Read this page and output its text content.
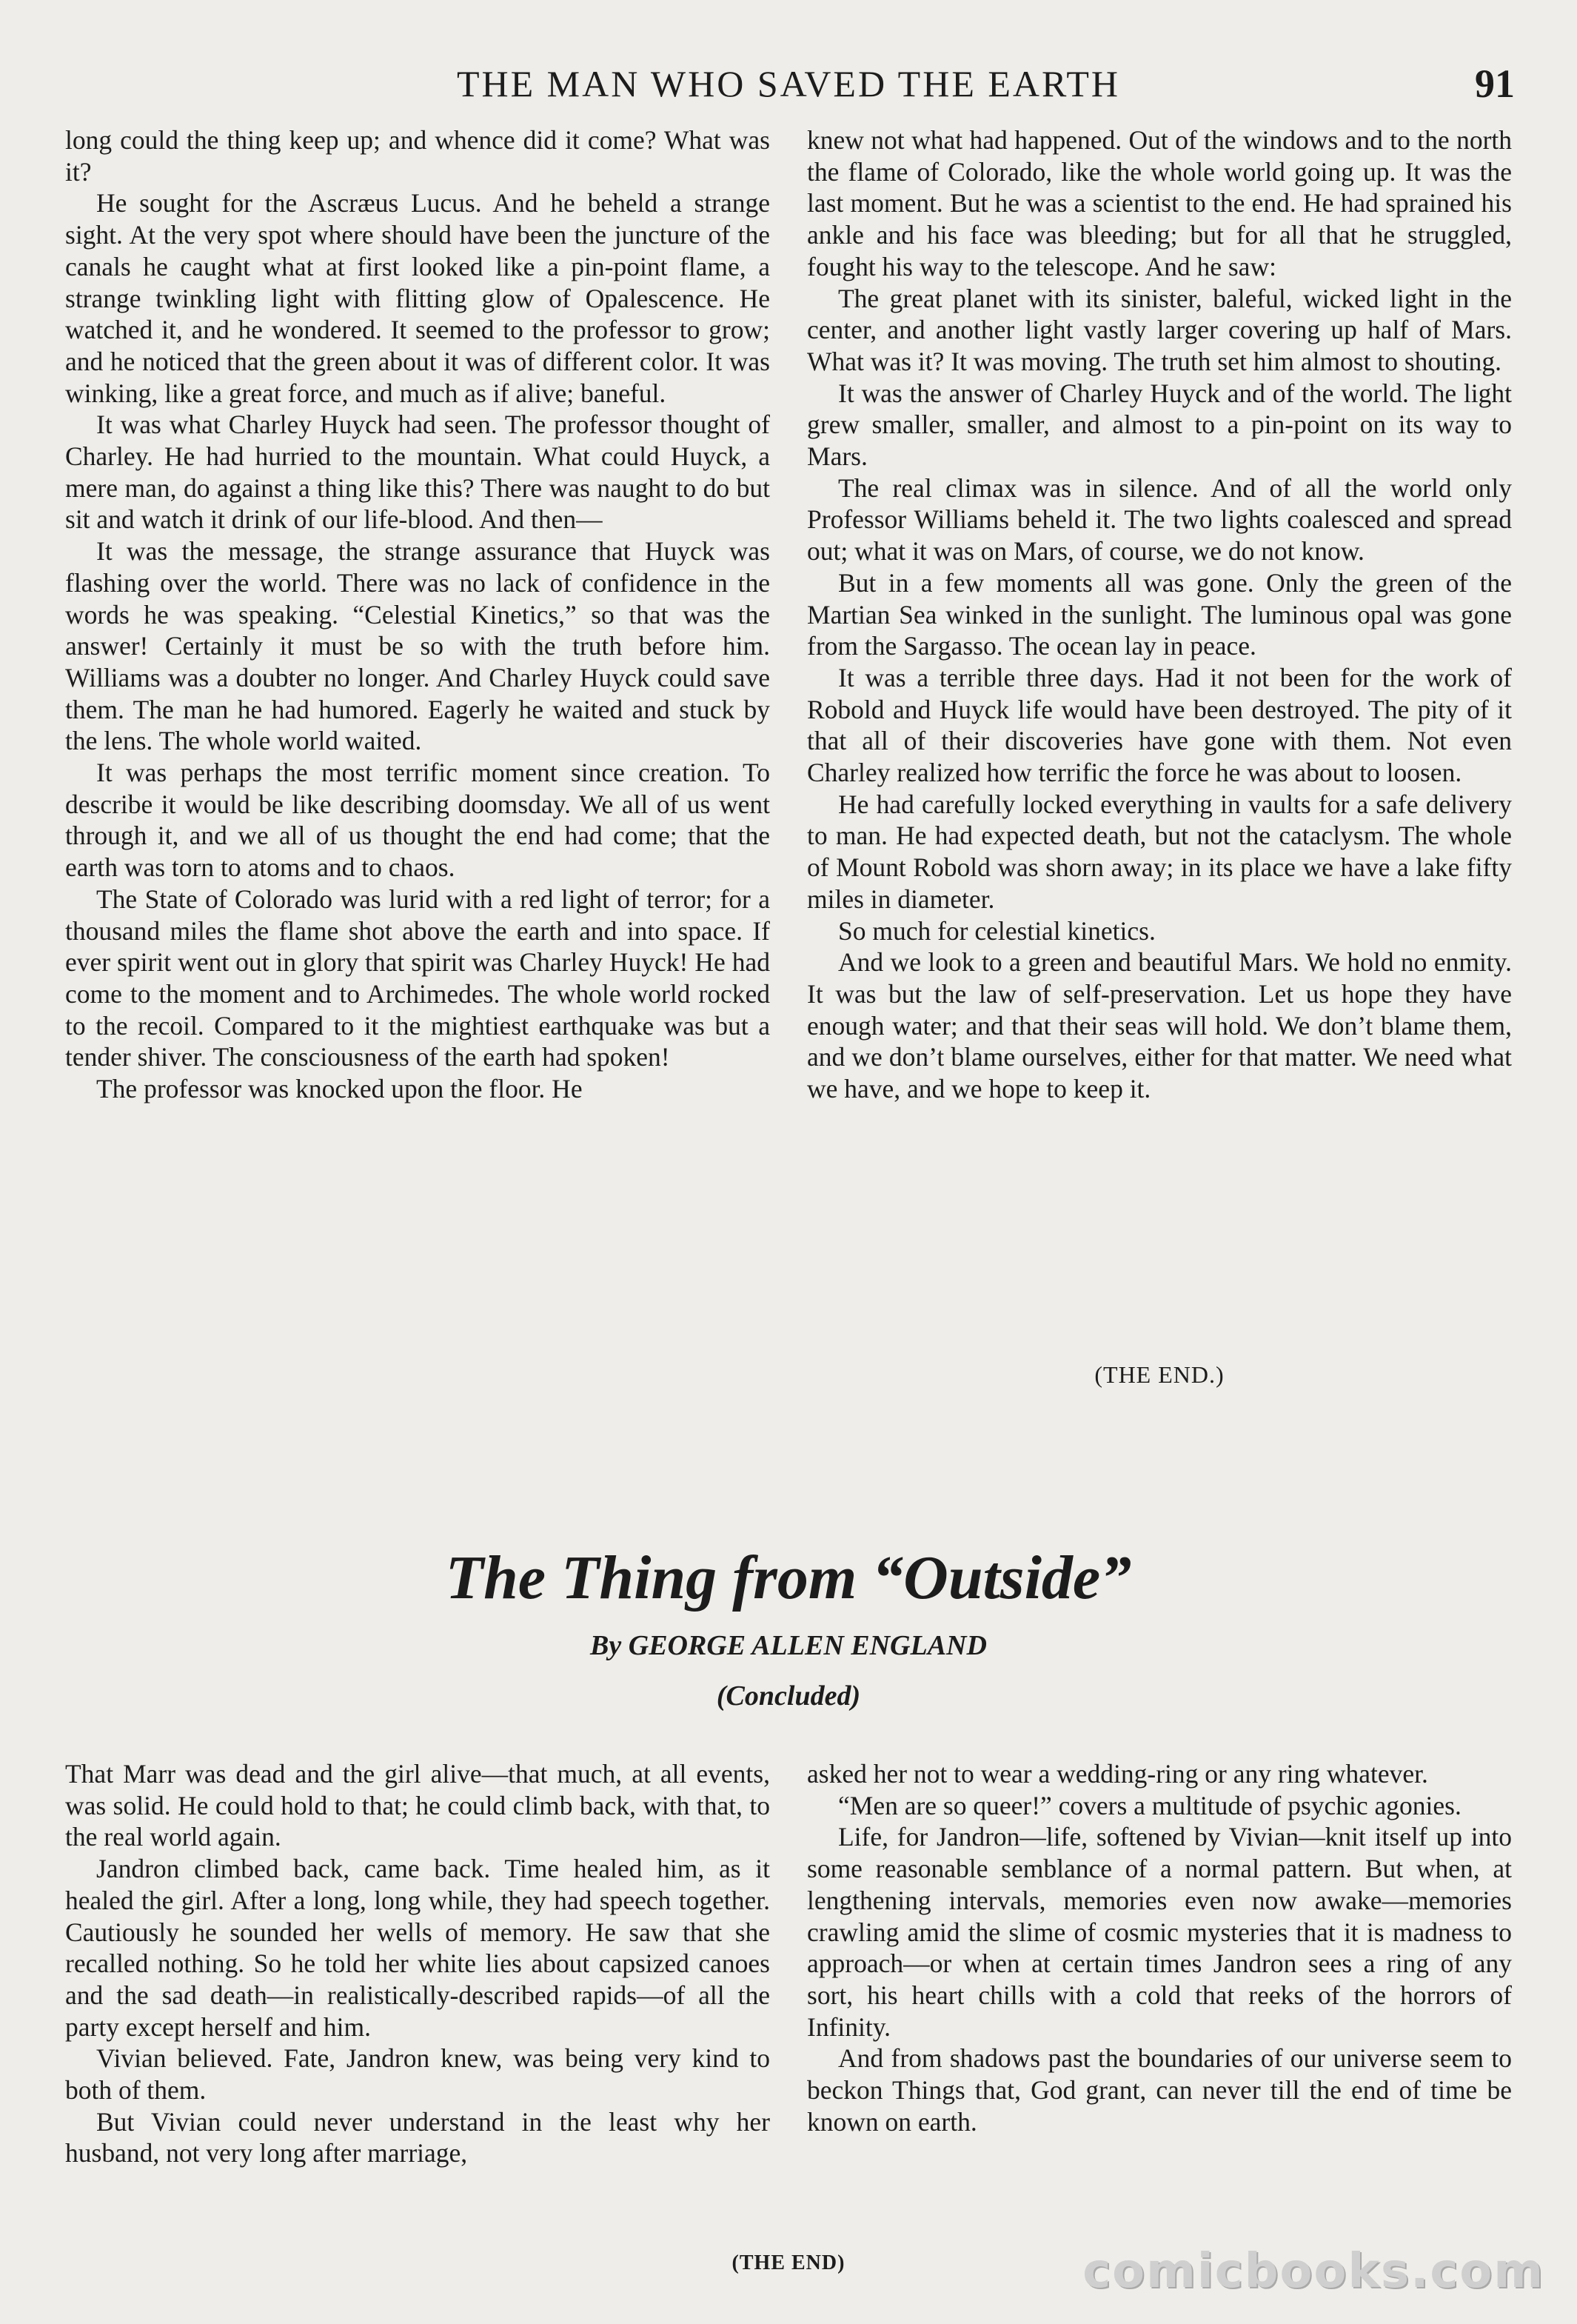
THE MAN WHO SAVED THE EARTH	91

long could the thing keep up; and whence did it come? What was it?

He sought for the Ascræus Lucus. And he beheld a strange sight. At the very spot where should have been the juncture of the canals he caught what at first looked like a pin-point flame, a strange twinkling light with flitting glow of Opalescence. He watched it, and he wondered. It seemed to the professor to grow; and he noticed that the green about it was of different color. It was winking, like a great force, and much as if alive; baneful.

It was what Charley Huyck had seen. The professor thought of Charley. He had hurried to the mountain. What could Huyck, a mere man, do against a thing like this? There was naught to do but sit and watch it drink of our life-blood. And then—

It was the message, the strange assurance that Huyck was flashing over the world. There was no lack of confidence in the words he was speaking. “Celestial Kinetics,” so that was the answer! Certainly it must be so with the truth before him. Williams was a doubter no longer. And Charley Huyck could save them. The man he had humored. Eagerly he waited and stuck by the lens. The whole world waited.

It was perhaps the most terrific moment since creation. To describe it would be like describing doomsday. We all of us went through it, and we all of us thought the end had come; that the earth was torn to atoms and to chaos.

The State of Colorado was lurid with a red light of terror; for a thousand miles the flame shot above the earth and into space. If ever spirit went out in glory that spirit was Charley Huyck! He had come to the moment and to Archimedes. The whole world rocked to the recoil. Compared to it the mightiest earthquake was but a tender shiver. The consciousness of the earth had spoken!

The professor was knocked upon the floor. He

knew not what had happened. Out of the windows and to the north the flame of Colorado, like the whole world going up. It was the last moment. But he was a scientist to the end. He had sprained his ankle and his face was bleeding; but for all that he struggled, fought his way to the telescope. And he saw:

The great planet with its sinister, baleful, wicked light in the center, and another light vastly larger covering up half of Mars. What was it? It was moving. The truth set him almost to shouting.

It was the answer of Charley Huyck and of the world. The light grew smaller, smaller, and almost to a pin-point on its way to Mars.

The real climax was in silence. And of all the world only Professor Williams beheld it. The two lights coalesced and spread out; what it was on Mars, of course, we do not know.

But in a few moments all was gone. Only the green of the Martian Sea winked in the sunlight. The luminous opal was gone from the Sargasso. The ocean lay in peace.

It was a terrible three days. Had it not been for the work of Robold and Huyck life would have been destroyed. The pity of it that all of their discoveries have gone with them. Not even Charley realized how terrific the force he was about to loosen.

He had carefully locked everything in vaults for a safe delivery to man. He had expected death, but not the cataclysm. The whole of Mount Robold was shorn away; in its place we have a lake fifty miles in diameter.

So much for celestial kinetics.

And we look to a green and beautiful Mars. We hold no enmity. It was but the law of self-preservation. Let us hope they have enough water; and that their seas will hold. We don’t blame them, and we don’t blame ourselves, either for that matter. We need what we have, and we hope to keep it.

(THE END.)
The Thing from “Outside”
By GEORGE ALLEN ENGLAND
(Concluded)

That Marr was dead and the girl alive—that much, at all events, was solid. He could hold to that; he could climb back, with that, to the real world again.

Jandron climbed back, came back. Time healed him, as it healed the girl. After a long, long while, they had speech together. Cautiously he sounded her wells of memory. He saw that she recalled nothing. So he told her white lies about capsized canoes and the sad death—in realistically-described rapids—of all the party except herself and him.

Vivian believed. Fate, Jandron knew, was being very kind to both of them.

But Vivian could never understand in the least why her husband, not very long after marriage,

asked her not to wear a wedding-ring or any ring whatever.

“Men are so queer!” covers a multitude of psychic agonies.

Life, for Jandron—life, softened by Vivian—knit itself up into some reasonable semblance of a normal pattern. But when, at lengthening intervals, memories even now awake—memories crawling amid the slime of cosmic mysteries that it is madness to approach—or when at certain times Jandron sees a ring of any sort, his heart chills with a cold that reeks of the horrors of Infinity.

And from shadows past the boundaries of our universe seem to beckon Things that, God grant, can never till the end of time be known on earth.

(THE END)	comicbooks.com
